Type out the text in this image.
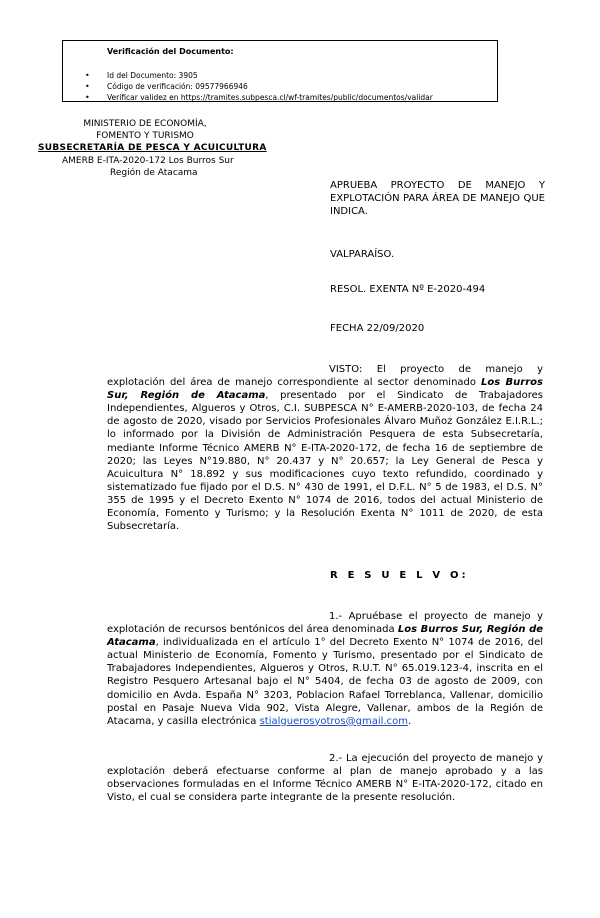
Verificación del Documento:
• Id del Documento: 3905
• Código de verificación: 09577966946
• Verificar validez en https://tramites.subpesca.cl/wf-tramites/public/documentos/validar
MINISTERIO DE ECONOMÍA,
FOMENTO Y TURISMO
SUBSECRETARÍA DE PESCA Y ACUICULTURA
AMERB E-ITA-2020-172 Los Burros Sur
Región de Atacama
APRUEBA PROYECTO DE MANEJO Y EXPLOTACIÓN PARA ÁREA DE MANEJO QUE INDICA.
VALPARAÍSO.
RESOL. EXENTA Nº E-2020-494
FECHA 22/09/2020

VISTO: El proyecto de manejo y explotación del área de manejo correspondiente al sector denominado Los Burros Sur, Región de Atacama, presentado por el Sindicato de Trabajadores Independientes, Algueros y Otros, C.I. SUBPESCA N° E-AMERB-2020-103, de fecha 24 de agosto de 2020, visado por Servicios Profesionales Álvaro Muñoz González E.I.R.L.; lo informado por la División de Administración Pesquera de esta Subsecretaría, mediante Informe Técnico AMERB N° E-ITA-2020-172, de fecha 16 de septiembre de 2020; las Leyes N°19.880, N° 20.437 y N° 20.657; la Ley General de Pesca y Acuicultura N° 18.892 y sus modificaciones cuyo texto refundido, coordinado y sistematizado fue fijado por el D.S. N° 430 de 1991, el D.F.L. N° 5 de 1983, el D.S. N° 355 de 1995 y el Decreto Exento N° 1074 de 2016, todos del actual Ministerio de Economía, Fomento y Turismo; y la Resolución Exenta N° 1011 de 2020, de esta Subsecretaría.

R E S U E L V O:

1.- Apruébase el proyecto de manejo y explotación de recursos bentónicos del área denominada Los Burros Sur, Región de Atacama, individualizada en el artículo 1° del Decreto Exento N° 1074 de 2016, del actual Ministerio de Economía, Fomento y Turismo, presentado por el Sindicato de Trabajadores Independientes, Algueros y Otros, R.U.T. N° 65.019.123-4, inscrita en el Registro Pesquero Artesanal bajo el N° 5404, de fecha 03 de agosto de 2009, con domicilio en Avda. España N° 3203, Poblacion Rafael Torreblanca, Vallenar, domicilio postal en Pasaje Nueva Vida 902, Vista Alegre, Vallenar, ambos de la Región de Atacama, y casilla electrónica stialguerosyotros@gmail.com.

2.- La ejecución del proyecto de manejo y explotación deberá efectuarse conforme al plan de manejo aprobado y a las observaciones formuladas en el Informe Técnico AMERB N° E-ITA-2020-172, citado en Visto, el cual se considera parte integrante de la presente resolución.
